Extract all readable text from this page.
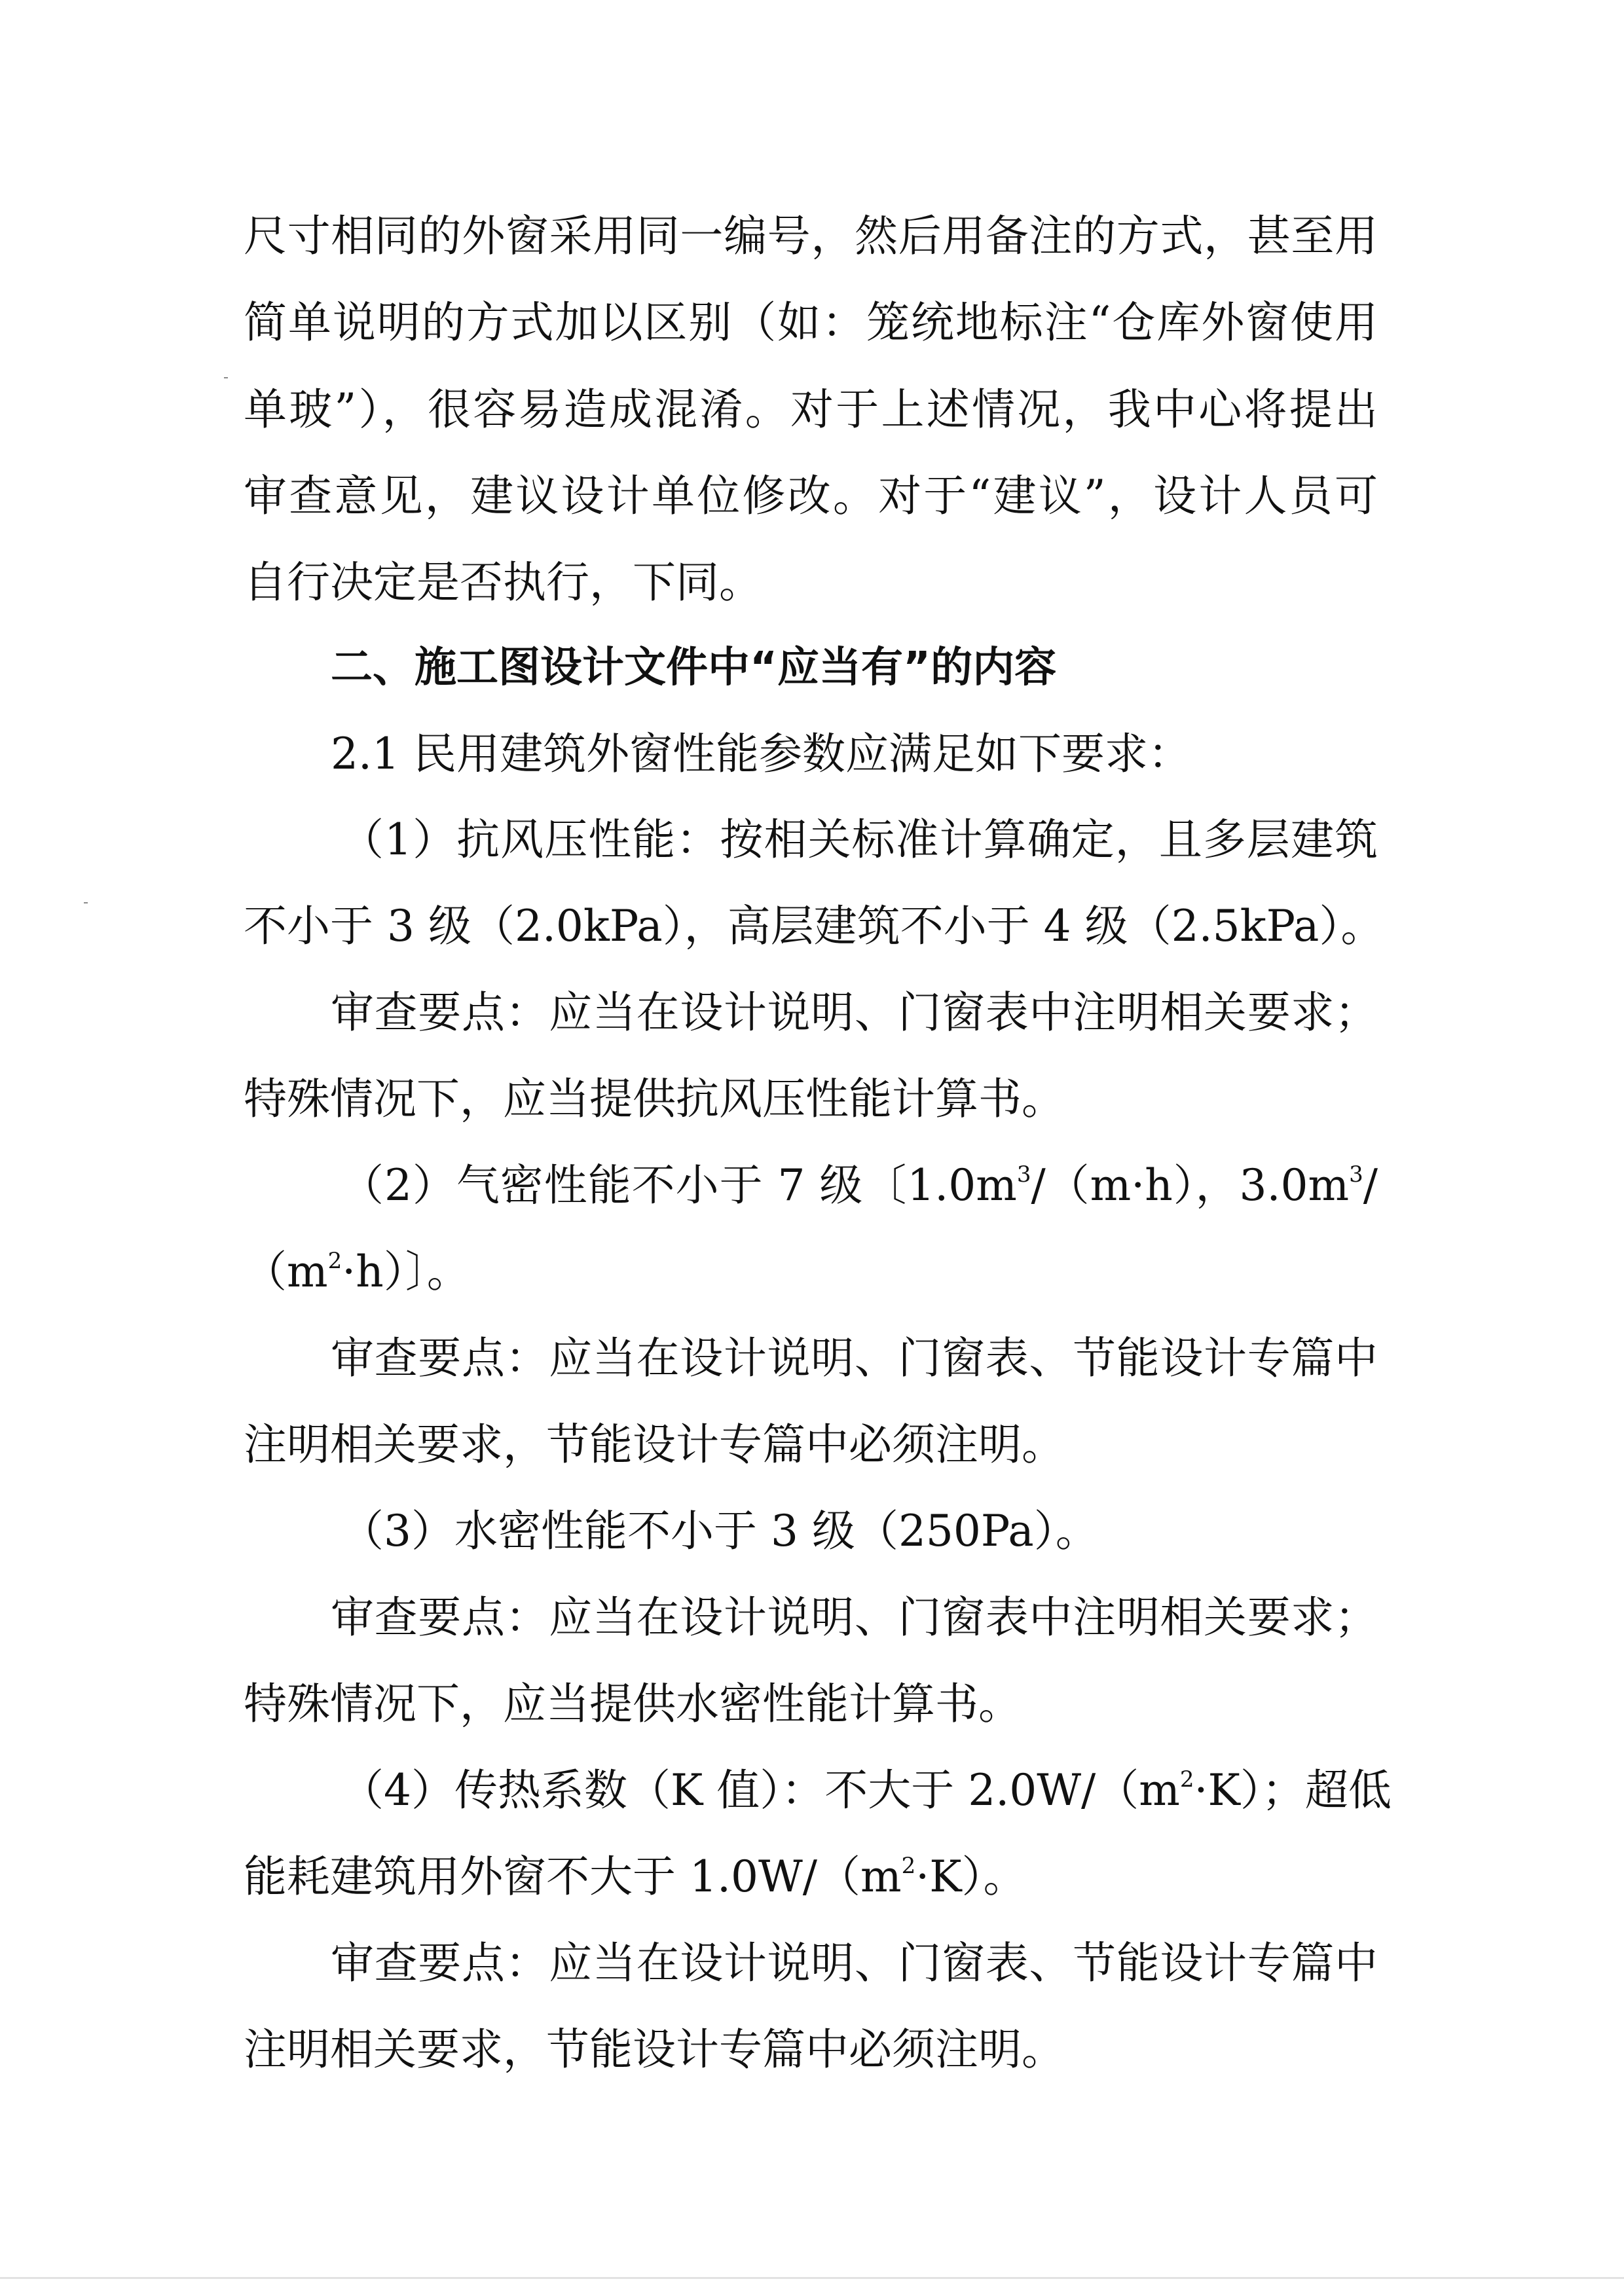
尺寸相同的外窗采用同一编号，然后用备注的方式，甚至用
简单说明的方式加以区别（如：笼统地标注“仓库外窗使用
单玻”），很容易造成混淆。对于上述情况，我中心将提出
审查意见，建议设计单位修改。对于“建议”，设计人员可
自行决定是否执行，下同。
二、施工图设计文件中“应当有”的内容
2.1 民用建筑外窗性能参数应满足如下要求：
（1）抗风压性能：按相关标准计算确定，且多层建筑
不小于 3 级（2.0kPa），高层建筑不小于 4 级（2.5kPa）。
审查要点：应当在设计说明、门窗表中注明相关要求；
特殊情况下，应当提供抗风压性能计算书。
（2）气密性能不小于 7 级〔$1.0m^3/(m\cdot h)$，$3.0m^3/$
$(m^2\cdot h)$〕。
审查要点：应当在设计说明、门窗表、节能设计专篇中
注明相关要求，节能设计专篇中必须注明。
（3）水密性能不小于 3 级（250Pa）。
审查要点：应当在设计说明、门窗表中注明相关要求；
特殊情况下，应当提供水密性能计算书。
（4）传热系数（K 值）：不大于 $2.0W/(m^2\cdot K)$；超低
能耗建筑用外窗不大于 $1.0W/(m^2\cdot K)$。
审查要点：应当在设计说明、门窗表、节能设计专篇中
注明相关要求，节能设计专篇中必须注明。
